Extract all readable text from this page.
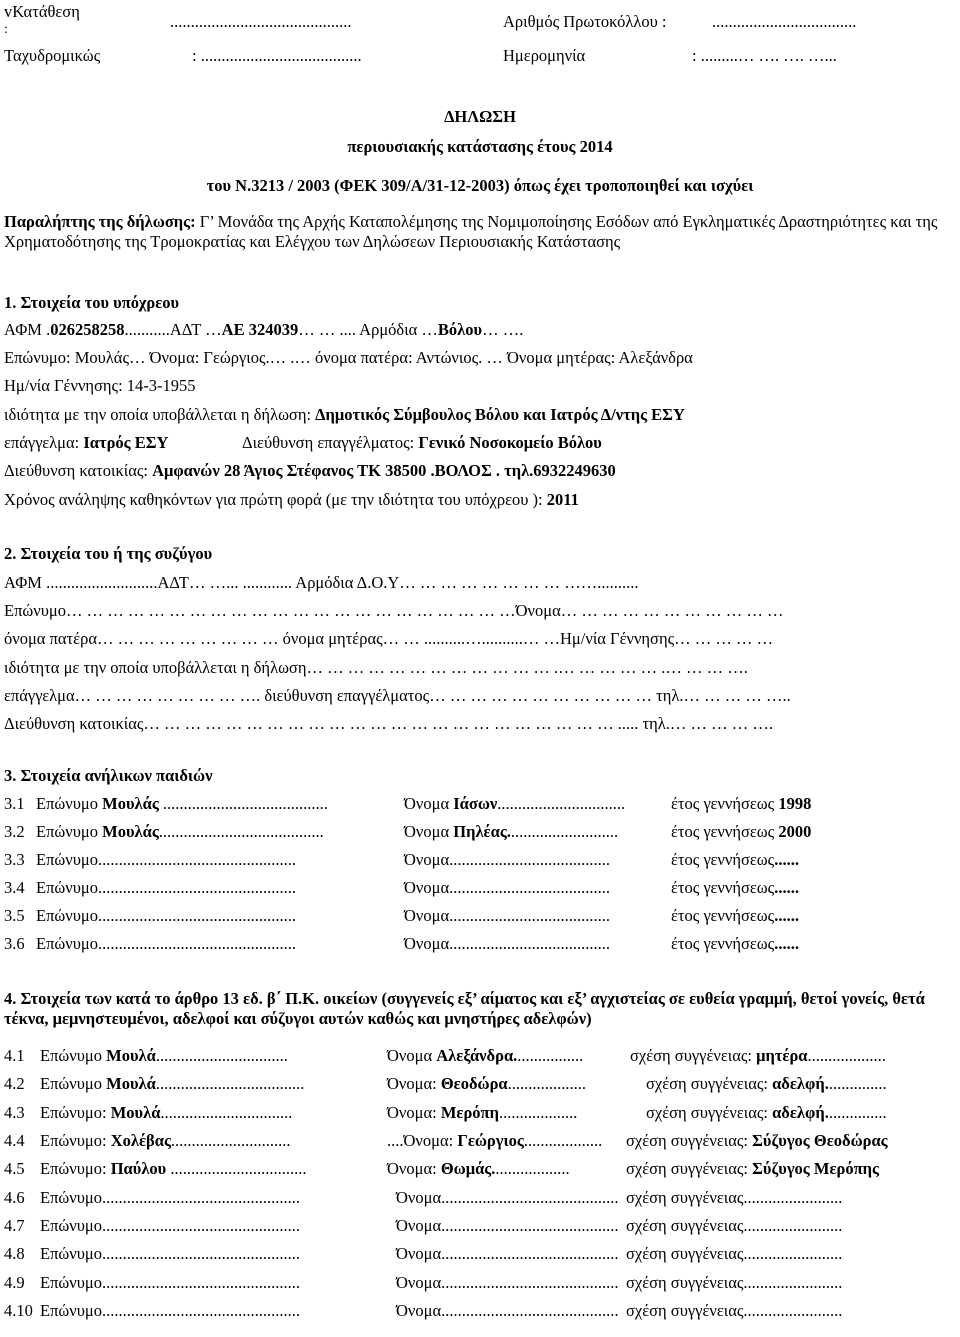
vΚατάθεση
:	............................................	Αριθμός Πρωτοκόλλου :	...................................
Ταχυδρομικώς	: .......................................	Ημερομηνία	: .........… …. …. …...
ΔΗΛΩΣΗ
περιουσιακής κατάστασης έτους 2014
του Ν.3213 / 2003 (ΦΕΚ 309/Α/31-12-2003) όπως έχει τροποποιηθεί και ισχύει
Παραλήπτης της δήλωσης: Γ’ Μονάδα της Αρχής Καταπολέμησης της Νομιμοποίησης Εσόδων από Εγκληματικές Δραστηριότητες και της Χρηματοδότησης της Τρομοκρατίας και Ελέγχου των Δηλώσεων Περιουσιακής Κατάστασης
1. Στοιχεία του υπόχρεου
ΑΦΜ .026258258...........ΑΔΤ …ΑΕ 324039… … .... Αρμόδια …Βόλου… ….
Επώνυμο: Μουλάς… Όνομα: Γεώργιος.… .… όνομα πατέρα: Αντώνιος. … Όνομα μητέρας: Αλεξάνδρα
Ημ/νία Γέννησης: 14-3-1955
ιδιότητα με την οποία υποβάλλεται η δήλωση: Δημοτικός Σύμβουλος Βόλου και Ιατρός Δ/ντης ΕΣΥ
επάγγελμα: Ιατρός ΕΣΥ	Διεύθυνση επαγγέλματος: Γενικό Νοσοκομείο Βόλου
Διεύθυνση κατοικίας: Αμφανών 28 Άγιος Στέφανος ΤΚ 38500 .ΒΟΛΟΣ . τηλ.6932249630
Χρόνος ανάληψης καθηκόντων για πρώτη φορά (με την ιδιότητα του υπόχρεου ): 2011
2. Στοιχεία του ή της συζύγου
ΑΦΜ ...........................ΑΔΤ… …... ............ Αρμόδια Δ.Ο.Υ… … … … … … … … ……..........
Επώνυμο… … … … … … … … … … … … … … … … … … … … … …Όνομα… … … … … … … … … … …
όνομα πατέρα… … … … … … … … … όνομα μητέρας… … ..........…..........… …Ημ/νία Γέννησης… … … … …
ιδιότητα με την οποία υποβάλλεται η δήλωση… … … … … … … … … … … … .… … … … … .… … … ….
επάγγελμα… … … … … … … … …. διεύθυνση επαγγέλματος… … … … … … … … … … … τηλ.… … … … …..
Διεύθυνση κατοικίας… … … … … … … … … … … … … … … … … … … … … … … ..... τηλ.… … … … ….
3. Στοιχεία ανήλικων παιδιών
3.1 Επώνυμο Μουλάς ........................................	Όνομα Ιάσων...............................	έτος γεννήσεως 1998
3.2 Επώνυμο Μουλάς........................................	Όνομα Πηλέας...........................	έτος γεννήσεως 2000
3.3 Επώνυμο................................................	Όνομα.......................................	έτος γεννήσεως......
3.4 Επώνυμο................................................	Όνομα.......................................	έτος γεννήσεως......
3.5 Επώνυμο................................................	Όνομα.......................................	έτος γεννήσεως......
3.6 Επώνυμο................................................	Όνομα.......................................	έτος γεννήσεως......
4. Στοιχεία των κατά το άρθρο 13 εδ. β΄ Π.Κ. οικείων (συγγενείς εξ’ αίματος και εξ’ αγχιστείας σε ευθεία γραμμή, θετοί γονείς, θετά τέκνα, μεμνηστευμένοι, αδελφοί και σύζυγοι αυτών καθώς και μνηστήρες αδελφών)
4.1 Επώνυμο Μουλά................................	Όνομα Αλεξάνδρα.................	σχέση συγγένειας: μητέρα...................
4.2 Επώνυμο Μουλά....................................	Όνομα: Θεοδώρα...................	σχέση συγγένειας: αδελφή...............
4.3 Επώνυμο: Μουλά................................	Όνομα: Μερόπη...................	σχέση συγγένειας: αδελφή...............
4.4 Επώνυμο: Χολέβας.............................	....Όνομα: Γεώργιος................... σχέση συγγένειας: Σύζυγος Θεοδώρας
4.5 Επώνυμο: Παύλου .................................	Όνομα: Θωμάς...................	σχέση συγγένειας: Σύζυγος Μερόπης
4.6 Επώνυμο................................................	Όνομα........................................... σχέση συγγένειας........................
4.7 Επώνυμο................................................	Όνομα........................................... σχέση συγγένειας........................
4.8 Επώνυμο................................................	Όνομα........................................... σχέση συγγένειας........................
4.9 Επώνυμο................................................	Όνομα........................................... σχέση συγγένειας........................
4.10 Επώνυμο................................................	Όνομα........................................... σχέση συγγένειας........................
